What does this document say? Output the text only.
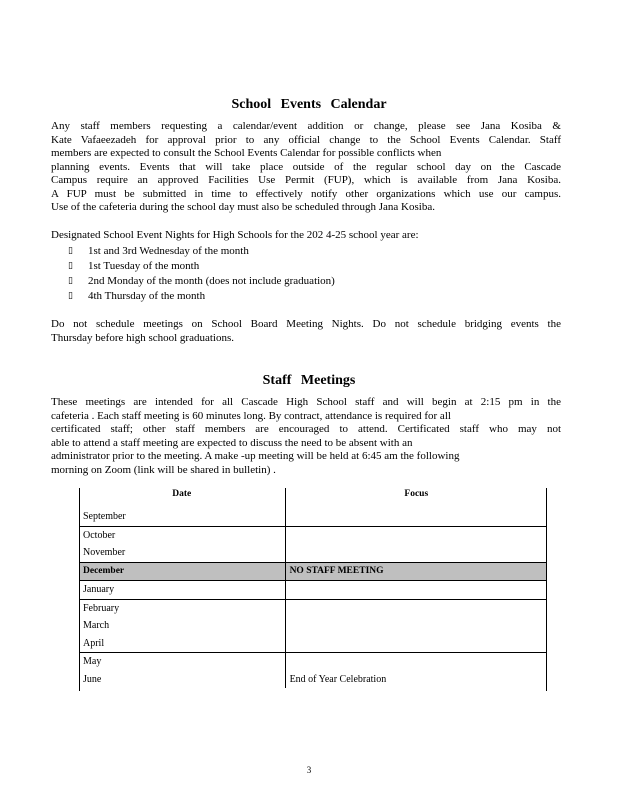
School Events Calendar

Any staff members requesting a calendar/event addition or change, please see Jana Kosiba &

Kate Vafaeezadeh for approval prior to any official change to the School Events Calendar. Staff

members are expected to consult the School Events Calendar for possible conflicts when

planning events. Events that will take place outside of the regular school day on the Cascade

Campus require an approved Facilities Use Permit (FUP), which is available from Jana Kosiba.

A FUP must be submitted in time to effectively notify other organizations which use our campus.

Use of the cafeteria during the school day must also be scheduled through Jana Kosiba.

Designated School Event Nights for High Schools for the 202 4-25 school year are:

▯	1st and 3rd Wednesday of the month
▯	1st Tuesday of the month
▯	2nd Monday of the month (does not include graduation)
▯	4th Thursday of the month

Do not schedule meetings on School Board Meeting Nights. Do not schedule bridging events the

Thursday before high school graduations.

Staff Meetings

These meetings are intended for all Cascade High School staff and will begin at 2:15 pm in the

cafeteria . Each staff meeting is 60 minutes long. By contract, attendance is required for all

certificated staff; other staff members are encouraged to attend. Certificated staff who may not

able to attend a staff meeting are expected to discuss the need to be absent with an

administrator prior to the meeting. A make -up meeting will be held at 6:45 am the following

morning on Zoom (link will be shared in bulletin) .

Date	Focus
September	
October	
November	
December	NO STAFF MEETING
January	
February	
March	
April	
May	
June	End of Year Celebration
3
